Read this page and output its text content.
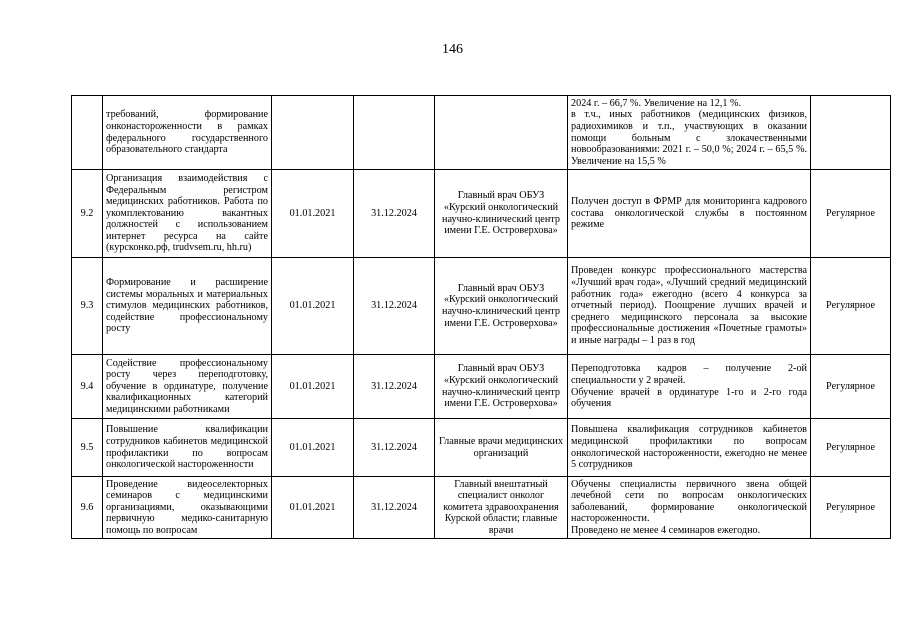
146
	требований, формирование онконастороженности в рамках федерального государственного образовательного стандарта				2024 г. – 66,7 %. Увеличение на 12,1 %.
в т.ч., иных работников (медицинских физиков, радиохимиков и т.п., участвующих в оказании помощи больным с злокачественными новообразованиями: 2021 г. – 50,0 %; 2024 г. – 65,5 %. Увеличение на 15,5 %	

9.2	Организация взаимодействия с Федеральным регистром медицинских работников. Работа по укомплектованию вакантных должностей с использованием интернет ресурса на сайте (курсконко.рф, trudvsem.ru, hh.ru)	01.01.2021	31.12.2024	Главный врач ОБУЗ «Курский онкологический научно-клинический центр имени Г.Е. Островерхова»	Получен доступ в ФРМР для мониторинга кадрового состава онкологической службы в постоянном режиме	Регулярное
9.3	Формирование и расширение системы моральных и материальных стимулов медицинских работников, содействие профессиональному росту	01.01.2021	31.12.2024	Главный врач ОБУЗ «Курский онкологический научно-клинический центр имени Г.Е. Островерхова»	Проведен конкурс профессионального мастерства «Лучший врач года», «Лучший средний медицинский работник года» ежегодно (всего 4 конкурса за отчетный период). Поощрение лучших врачей и среднего медицинского персонала за высокие профессиональные достижения «Почетные грамоты» и иные награды – 1 раз в год	Регулярное
9.4	Содействие профессиональному росту через переподготовку, обучение в ординатуре, получение квалификационных категорий медицинскими работниками	01.01.2021	31.12.2024	Главный врач ОБУЗ «Курский онкологический научно-клинический центр имени Г.Е. Островерхова»	Переподготовка кадров – получение 2-ой специальности у 2 врачей.
Обучение врачей в ординатуре 1-го и 2-го года обучения	Регулярное
9.5	Повышение квалификации сотрудников кабинетов медицинской профилактики по вопросам онкологической настороженности	01.01.2021	31.12.2024	Главные врачи медицинских организаций	Повышена квалификация сотрудников кабинетов медицинской профилактики по вопросам онкологической настороженности, ежегодно не менее 5 сотрудников	Регулярное
9.6	Проведение видеоселекторных семинаров с медицинскими организациями, оказывающими первичную медико-санитарную помощь по вопросам	01.01.2021	31.12.2024	Главный внештатный специалист онколог комитета здравоохранения Курской области; главные врачи	Обучены специалисты первичного звена общей лечебной сети по вопросам онкологических заболеваний, формирование онкологической настороженности.
Проведено не менее 4 семинаров ежегодно.	Регулярное
